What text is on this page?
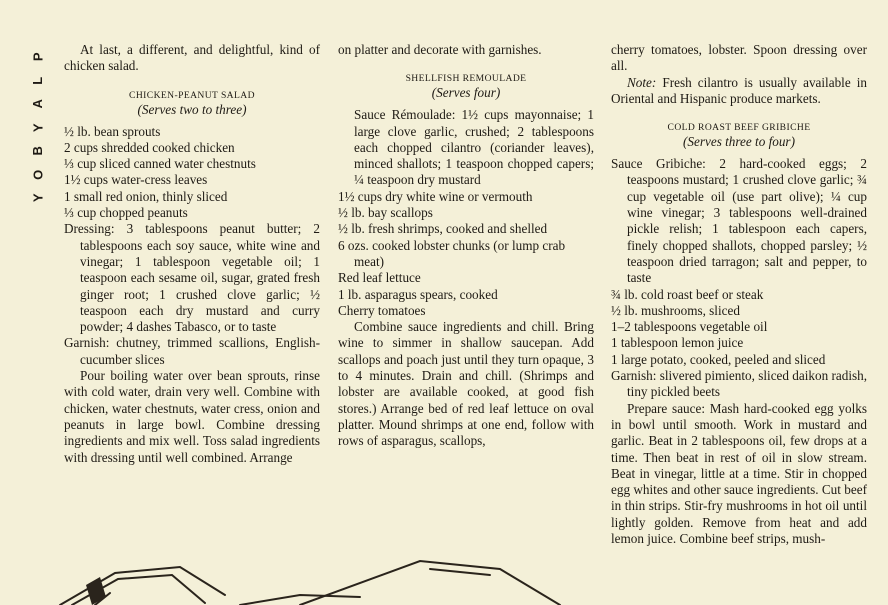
P
L
A
Y
B
O
Y

At last, a different, and delightful, kind of chicken salad.

CHICKEN-PEANUT SALAD
(Serves two to three)

½ lb. bean sprouts

2 cups shredded cooked chicken

⅓ cup sliced canned water chestnuts

1½ cups water-cress leaves

1 small red onion, thinly sliced

⅓ cup chopped peanuts

Dressing: 3 tablespoons peanut butter; 2 tablespoons each soy sauce, white wine and vinegar; 1 tablespoon vegetable oil; 1 teaspoon each sesame oil, sugar, grated fresh ginger root; 1 crushed clove garlic; ½ teaspoon each dry mustard and curry powder; 4 dashes Tabasco, or to taste

Garnish: chutney, trimmed scallions, English-cucumber slices

Pour boiling water over bean sprouts, rinse with cold water, drain very well. Combine with chicken, water chestnuts, water cress, onion and peanuts in large bowl. Combine dressing ingredients and mix well. Toss salad ingredients with dressing until well combined. Arrange

on platter and decorate with garnishes.

SHELLFISH REMOULADE
(Serves four)

Sauce Rémoulade: 1½ cups mayonnaise; 1 large clove garlic, crushed; 2 tablespoons each chopped cilantro (coriander leaves), minced shallots; 1 teaspoon chopped capers; ¼ teaspoon dry mustard

1½ cups dry white wine or vermouth

½ lb. bay scallops

½ lb. fresh shrimps, cooked and shelled

6 ozs. cooked lobster chunks (or lump crab meat)

Red leaf lettuce

1 lb. asparagus spears, cooked

Cherry tomatoes

Combine sauce ingredients and chill. Bring wine to simmer in shallow saucepan. Add scallops and poach just until they turn opaque, 3 to 4 minutes. Drain and chill. (Shrimps and lobster are available cooked, at good fish stores.) Arrange bed of red leaf lettuce on oval platter. Mound shrimps at one end, follow with rows of asparagus, scallops,

cherry tomatoes, lobster. Spoon dressing over all.

Note: Fresh cilantro is usually available in Oriental and Hispanic produce markets.

COLD ROAST BEEF GRIBICHE
(Serves three to four)

Sauce Gribiche: 2 hard-cooked eggs; 2 teaspoons mustard; 1 crushed clove garlic; ¾ cup vegetable oil (use part olive); ¼ cup wine vinegar; 3 tablespoons well-drained pickle relish; 1 tablespoon each capers, finely chopped shallots, chopped parsley; ½ teaspoon dried tarragon; salt and pepper, to taste

¾ lb. cold roast beef or steak

½ lb. mushrooms, sliced

1–2 tablespoons vegetable oil

1 tablespoon lemon juice

1 large potato, cooked, peeled and sliced

Garnish: slivered pimiento, sliced daikon radish, tiny pickled beets

Prepare sauce: Mash hard-cooked egg yolks in bowl until smooth. Work in mustard and garlic. Beat in 2 tablespoons oil, few drops at a time. Then beat in rest of oil in slow stream. Beat in vinegar, little at a time. Stir in chopped egg whites and other sauce ingredients. Cut beef in thin strips. Stir-fry mushrooms in hot oil until lightly golden. Remove from heat and add lemon juice. Combine beef strips, mush-
